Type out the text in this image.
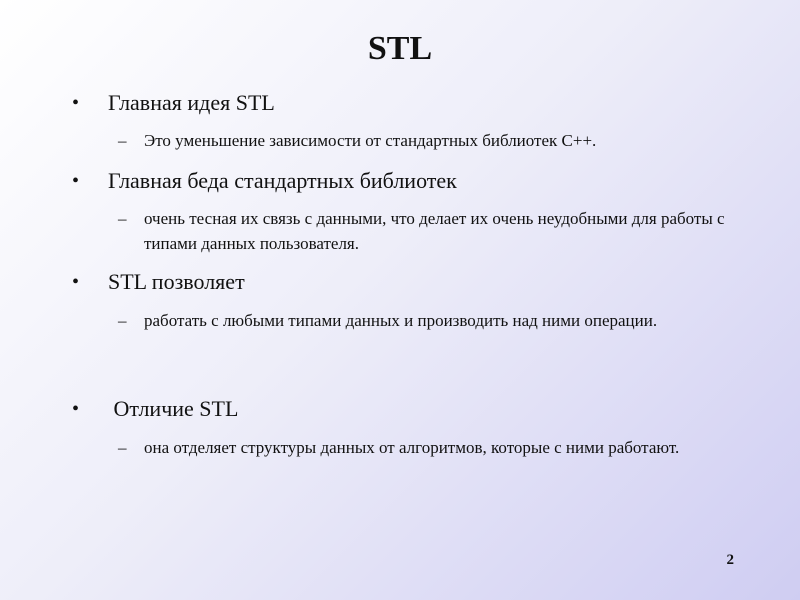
STL
• Главная идея STL
– Это уменьшение зависимости от стандартных библиотек С++.
• Главная беда стандартных библиотек
– очень тесная их связь с данными, что делает их очень неудобными для работы с типами данных пользователя.
• STL позволяет
– работать с любыми типами данных и производить над ними операции.
• Отличие STL
– она отделяет структуры данных от алгоритмов, которые с ними работают.
2
